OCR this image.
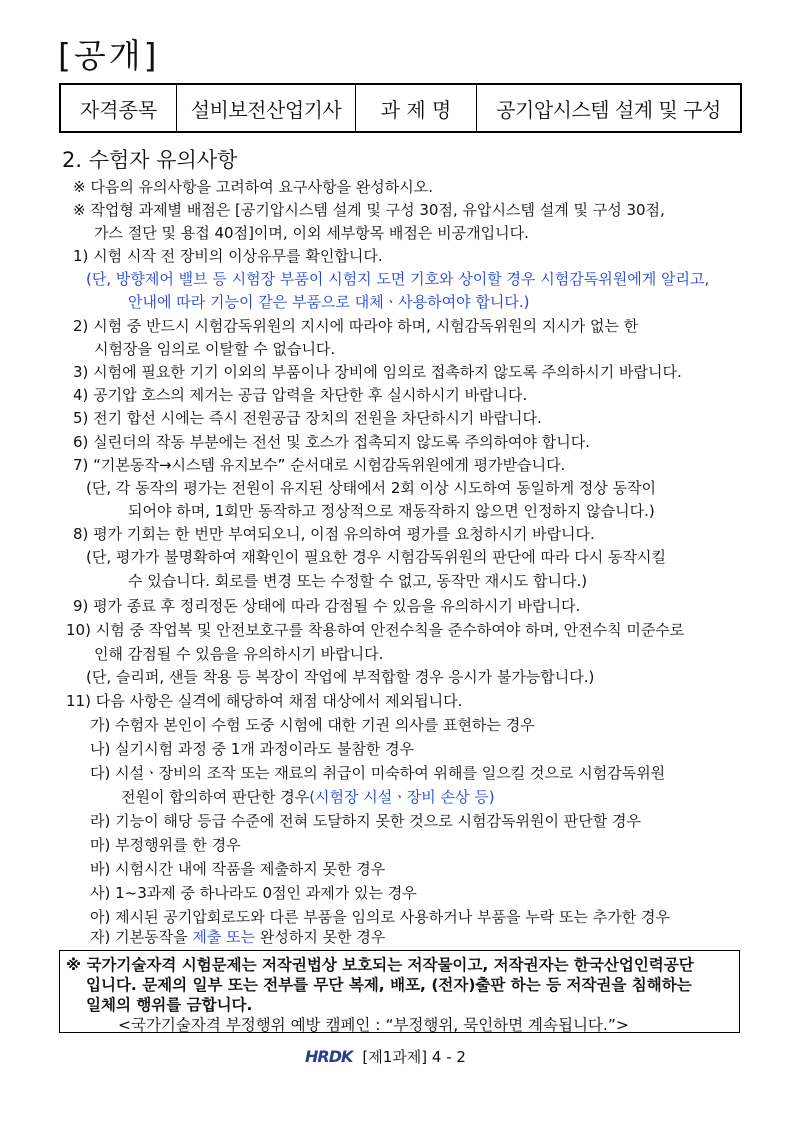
[공개]
자격종목	설비보전산업기사	과 제 명	공기압시스템 설계 및 구성
2. 수험자 유의사항
※ 다음의 유의사항을 고려하여 요구사항을 완성하시오.
※ 작업형 과제별 배점은 [공기압시스템 설계 및 구성 30점, 유압시스템 설계 및 구성 30점,
가스 절단 및 용접 40점]이며, 이외 세부항목 배점은 비공개입니다.
1) 시험 시작 전 장비의 이상유무를 확인합니다.
(단, 방향제어 밸브 등 시험장 부품이 시험지 도면 기호와 상이할 경우 시험감독위원에게 알리고,
안내에 따라 기능이 같은 부품으로 대체ㆍ사용하여야 합니다.)
2) 시험 중 반드시 시험감독위원의 지시에 따라야 하며, 시험감독위원의 지시가 없는 한
시험장을 임의로 이탈할 수 없습니다.
3) 시험에 필요한 기기 이외의 부품이나 장비에 임의로 접촉하지 않도록 주의하시기 바랍니다.
4) 공기압 호스의 제거는 공급 압력을 차단한 후 실시하시기 바랍니다.
5) 전기 합선 시에는 즉시 전원공급 장치의 전원을 차단하시기 바랍니다.
6) 실린더의 작동 부분에는 전선 및 호스가 접촉되지 않도록 주의하여야 합니다.
7) “기본동작→시스템 유지보수” 순서대로 시험감독위원에게 평가받습니다.
(단, 각 동작의 평가는 전원이 유지된 상태에서 2회 이상 시도하여 동일하게 정상 동작이
되어야 하며, 1회만 동작하고 정상적으로 재동작하지 않으면 인정하지 않습니다.)
8) 평가 기회는 한 번만 부여되오니, 이점 유의하여 평가를 요청하시기 바랍니다.
(단, 평가가 불명확하여 재확인이 필요한 경우 시험감독위원의 판단에 따라 다시 동작시킬
수 있습니다. 회로를 변경 또는 수정할 수 없고, 동작만 재시도 합니다.)
9) 평가 종료 후 정리정돈 상태에 따라 감점될 수 있음을 유의하시기 바랍니다.
10) 시험 중 작업복 및 안전보호구를 착용하여 안전수칙을 준수하여야 하며, 안전수칙 미준수로
인해 감점될 수 있음을 유의하시기 바랍니다.
(단, 슬리퍼, 샌들 착용 등 복장이 작업에 부적합할 경우 응시가 불가능합니다.)
11) 다음 사항은 실격에 해당하여 채점 대상에서 제외됩니다.
가) 수험자 본인이 수험 도중 시험에 대한 기권 의사를 표현하는 경우
나) 실기시험 과정 중 1개 과정이라도 불참한 경우
다) 시설ㆍ장비의 조작 또는 재료의 취급이 미숙하여 위해를 일으킬 것으로 시험감독위원
전원이 합의하여 판단한 경우(시험장 시설ㆍ장비 손상 등)
라) 기능이 해당 등급 수준에 전혀 도달하지 못한 것으로 시험감독위원이 판단할 경우
마) 부정행위를 한 경우
바) 시험시간 내에 작품을 제출하지 못한 경우
사) 1~3과제 중 하나라도 0점인 과제가 있는 경우
아) 제시된 공기압회로도와 다른 부품을 임의로 사용하거나 부품을 누락 또는 추가한 경우
자) 기본동작을 제출 또는 완성하지 못한 경우
※ 국가기술자격 시험문제는 저작권법상 보호되는 저작물이고, 저작권자는 한국산업인력공단
입니다. 문제의 일부 또는 전부를 무단 복제, 배포, (전자)출판 하는 등 저작권을 침해하는
일체의 행위를 금합니다.
<국가기술자격 부정행위 예방 캠페인 : “부정행위, 묵인하면 계속됩니다.”>
HRDK [제1과제] 4 - 2
